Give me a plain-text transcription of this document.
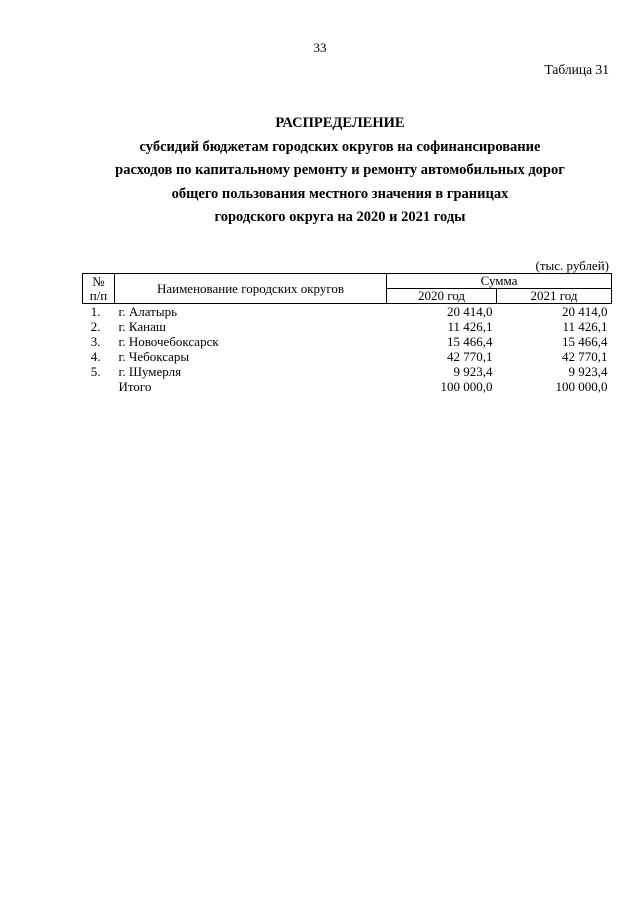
33
Таблица 31
РАСПРЕДЕЛЕНИЕ
субсидий бюджетам городских округов на софинансирование
расходов по капитальному ремонту и ремонту автомобильных дорог
общего пользования местного значения в границах
городского округа на 2020 и 2021 годы
(тыс. рублей)
№
п/п	Наименование городских округов	Сумма	
		2020 год	2021 год
1.	г. Алатырь	20 414,0	20 414,0
2.	г. Канаш	11 426,1	11 426,1
3.	г. Новочебоксарск	15 466,4	15 466,4
4.	г. Чебоксары	42 770,1	42 770,1
5.	г. Шумерля	9 923,4	9 923,4
	Итого	100 000,0	100 000,0
